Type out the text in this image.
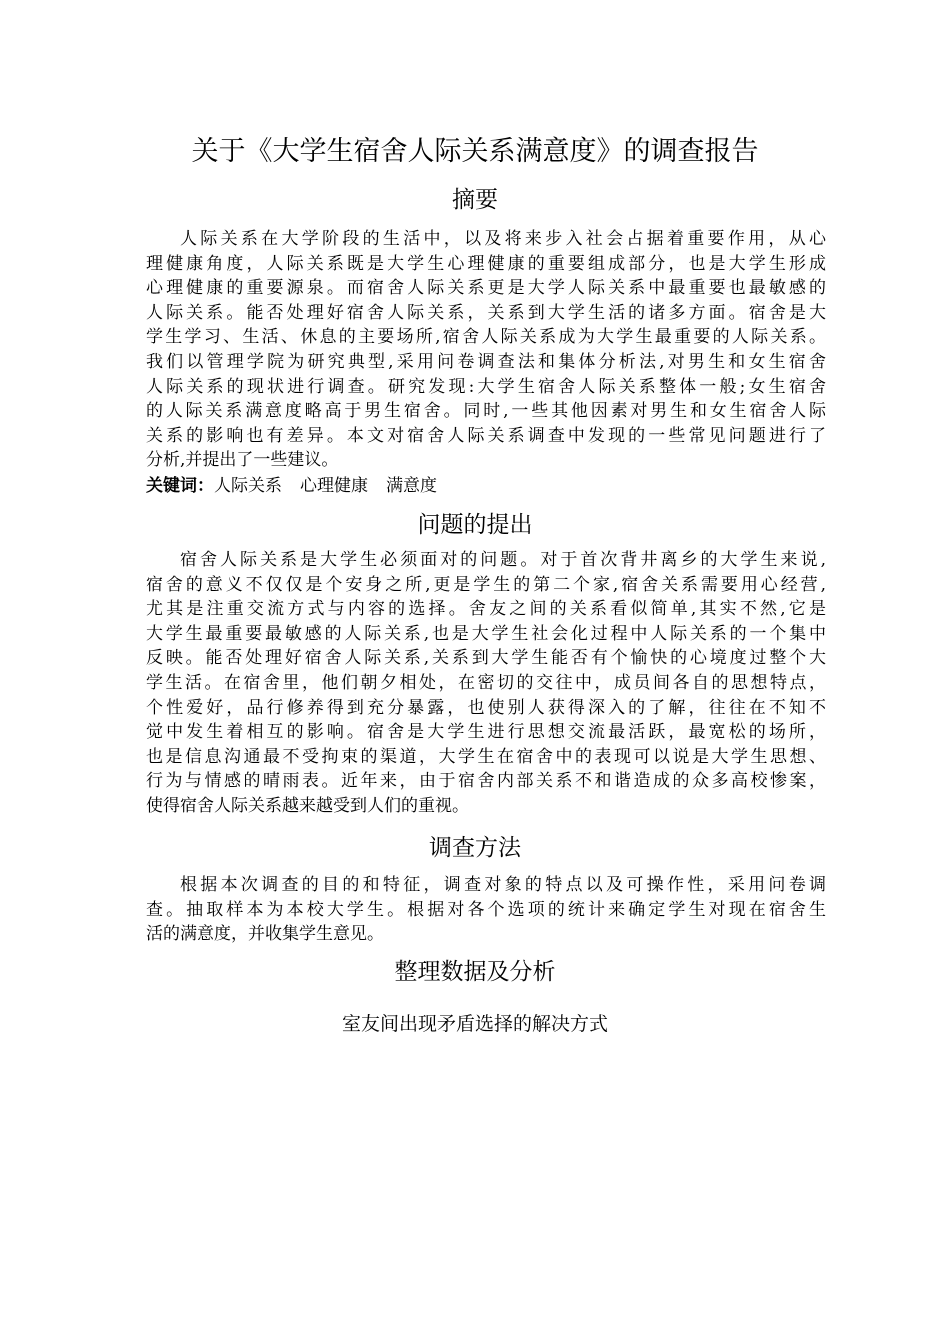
关于《大学生宿舍人际关系满意度》的调查报告
摘要
人际关系在大学阶段的生活中，以及将来步入社会占据着重要作用，从心
理健康角度，人际关系既是大学生心理健康的重要组成部分，也是大学生形成
心理健康的重要源泉。而宿舍人际关系更是大学人际关系中最重要也最敏感的
人际关系。能否处理好宿舍人际关系，关系到大学生活的诸多方面。宿舍是大
学生学习、生活、休息的主要场所,宿舍人际关系成为大学生最重要的人际关系。
我们以管理学院为研究典型,采用问卷调查法和集体分析法,对男生和女生宿舍
人际关系的现状进行调查。研究发现:大学生宿舍人际关系整体一般;女生宿舍
的人际关系满意度略高于男生宿舍。同时,一些其他因素对男生和女生宿舍人际
关系的影响也有差异。本文对宿舍人际关系调查中发现的一些常见问题进行了
分析,并提出了一些建议。
关键词：人际关系 心理健康 满意度
问题的提出
宿舍人际关系是大学生必须面对的问题。对于首次背井离乡的大学生来说,
宿舍的意义不仅仅是个安身之所,更是学生的第二个家,宿舍关系需要用心经营,
尤其是注重交流方式与内容的选择。舍友之间的关系看似简单,其实不然,它是
大学生最重要最敏感的人际关系,也是大学生社会化过程中人际关系的一个集中
反映。能否处理好宿舍人际关系,关系到大学生能否有个愉快的心境度过整个大
学生活。在宿舍里，他们朝夕相处，在密切的交往中，成员间各自的思想特点，
个性爱好，品行修养得到充分暴露，也使别人获得深入的了解，往往在不知不
觉中发生着相互的影响。宿舍是大学生进行思想交流最活跃，最宽松的场所，
也是信息沟通最不受拘束的渠道，大学生在宿舍中的表现可以说是大学生思想、
行为与情感的晴雨表。近年来，由于宿舍内部关系不和谐造成的众多高校惨案，
使得宿舍人际关系越来越受到人们的重视。
调查方法
根据本次调查的目的和特征，调查对象的特点以及可操作性，采用问卷调
查。抽取样本为本校大学生。根据对各个选项的统计来确定学生对现在宿舍生
活的满意度，并收集学生意见。
整理数据及分析
室友间出现矛盾选择的解决方式
